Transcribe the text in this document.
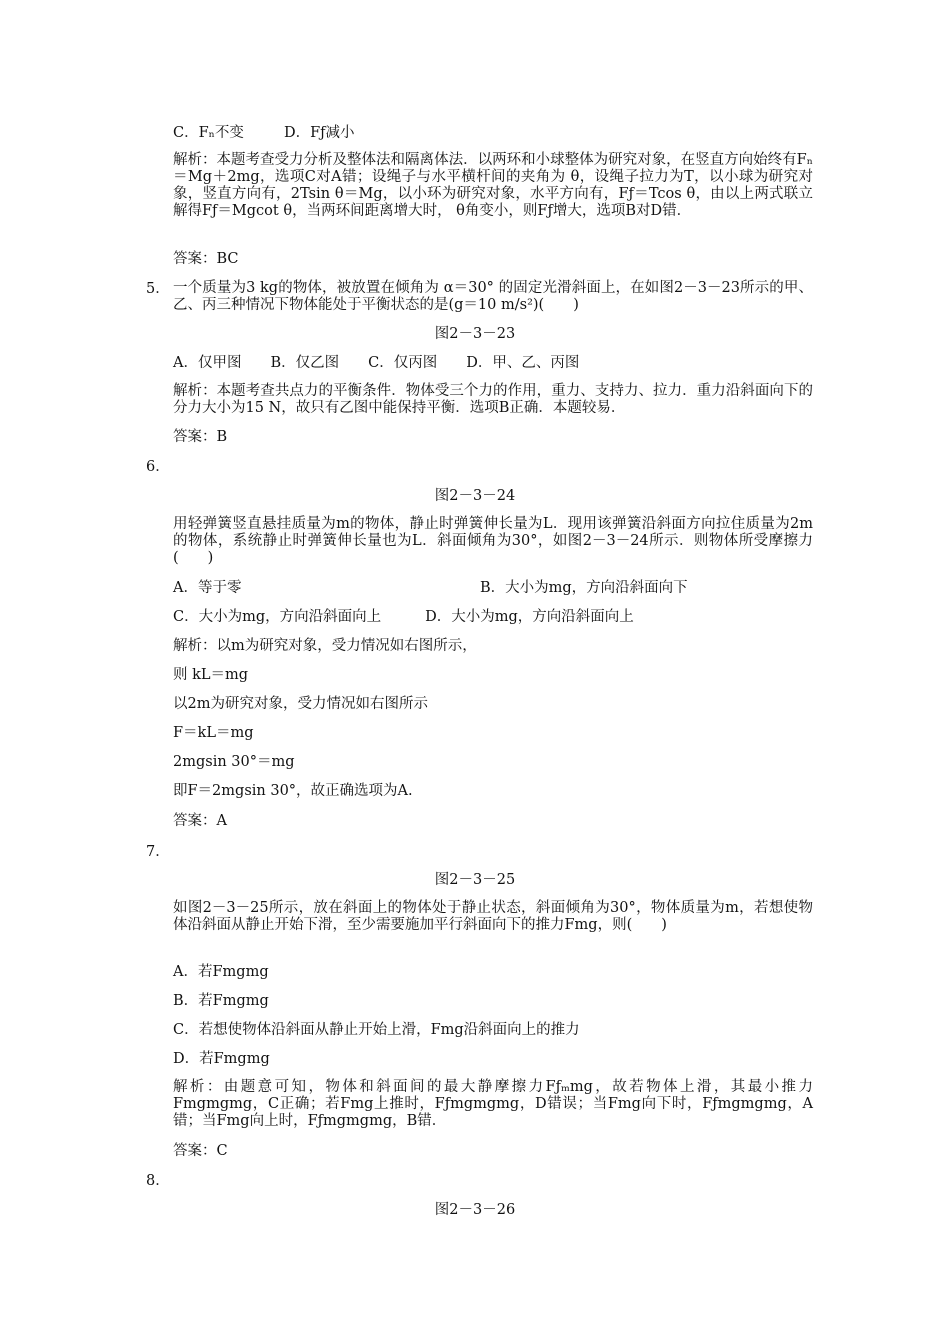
C．Fₙ不变	D．Fƒ减小
解析：本题考查受力分析及整体法和隔离体法．以两环和小球整体为研究对象，在竖直方向始终有Fₙ＝Mg＋2mg，选项C对A错；设绳子与水平横杆间的夹角为 θ，设绳子拉力为T，以小球为研究对象，竖直方向有，2Tsin θ＝Mg，以小环为研究对象，水平方向有，Fƒ＝Tcos θ，由以上两式联立解得Fƒ＝Mgcot θ，当两环间距离增大时， θ角变小，则Fƒ增大，选项B对D错．
答案：BC
5． 一个质量为3 kg的物体，被放置在倾角为 α＝30° 的固定光滑斜面上，在如图2－3－23所示的甲、乙、丙三种情况下物体能处于平衡状态的是(g＝10 m/s²)(　　)
图2－3－23
A．仅甲图　　B．仅乙图　　C．仅丙图　　D．甲、乙、丙图
解析：本题考查共点力的平衡条件．物体受三个力的作用，重力、支持力、拉力．重力沿斜面向下的分力大小为15 N，故只有乙图中能保持平衡．选项B正确．本题较易．
答案：B
6．
图2－3－24
用轻弹簧竖直悬挂质量为m的物体，静止时弹簧伸长量为L．现用该弹簧沿斜面方向拉住质量为2m的物体，系统静止时弹簧伸长量也为L．斜面倾角为30°，如图2－3－24所示．则物体所受摩擦力(　　)
A．等于零	B．大小为mg，方向沿斜面向下
C．大小为mg，方向沿斜面向上	D．大小为mg，方向沿斜面向上
解析：以m为研究对象，受力情况如右图所示，
则 kL＝mg
以2m为研究对象，受力情况如右图所示
F＝kL＝mg
2mgsin 30°＝mg
即F＝2mgsin 30°，故正确选项为A.
答案：A
7．
图2－3－25
如图2－3－25所示，放在斜面上的物体处于静止状态，斜面倾角为30°，物体质量为m，若想使物体沿斜面从静止开始下滑，至少需要施加平行斜面向下的推力Fmg，则(　　)
A．若Fmgmg
B．若Fmgmg
C．若想使物体沿斜面从静止开始上滑，Fmg沿斜面向上的推力
D．若Fmgmg
解析：由题意可知，物体和斜面间的最大静摩擦力Fƒₘmg，故若物体上滑，其最小推力Fmgmgmg，C正确；若Fmg上推时，Fƒmgmgmg，D错误；当Fmg向下时，Fƒmgmgmg，A错；当Fmg向上时，Fƒmgmgmg，B错．
答案：C
8．
图2－3－26
